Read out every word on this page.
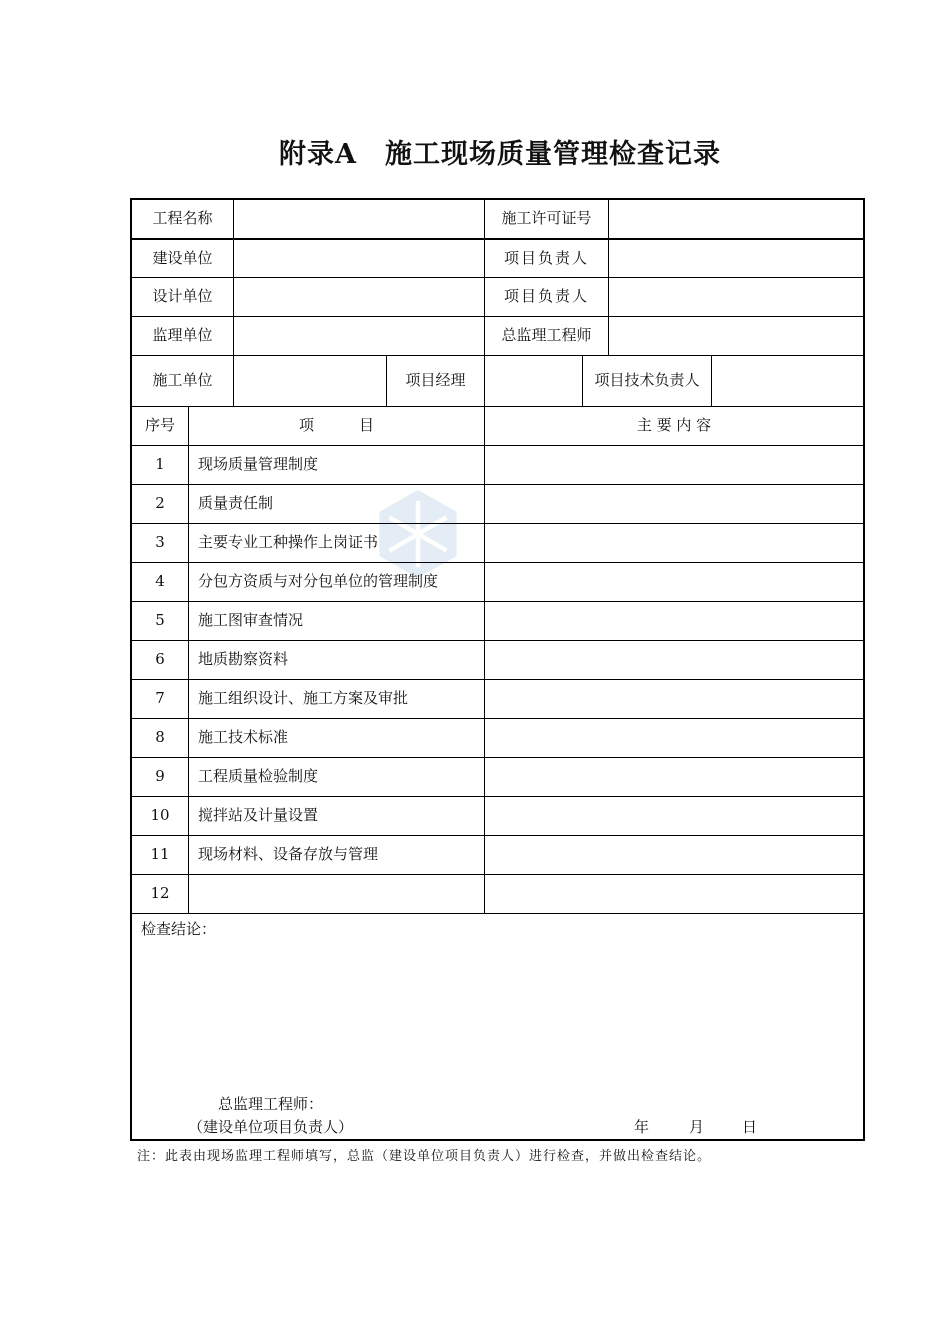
附录A　施工现场质量管理检查记录
工程名称	施工许可证号
建设单位	项目负责人
设计单位	项目负责人
监理单位	总监理工程师
施工单位	项目经理	项目技术负责人
序号	项　　　目	主 要 内 容
1	现场质量管理制度
2	质量责任制
3	主要专业工种操作上岗证书
4	分包方资质与对分包单位的管理制度
5	施工图审查情况
6	地质勘察资料
7	施工组织设计、施工方案及审批
8	施工技术标准
9	工程质量检验制度
10	搅拌站及计量设置
11	现场材料、设备存放与管理
12
检查结论：
总监理工程师：
（建设单位项目负责人）	年	月	日
注：此表由现场监理工程师填写，总监（建设单位项目负责人）进行检查，并做出检查结论。
